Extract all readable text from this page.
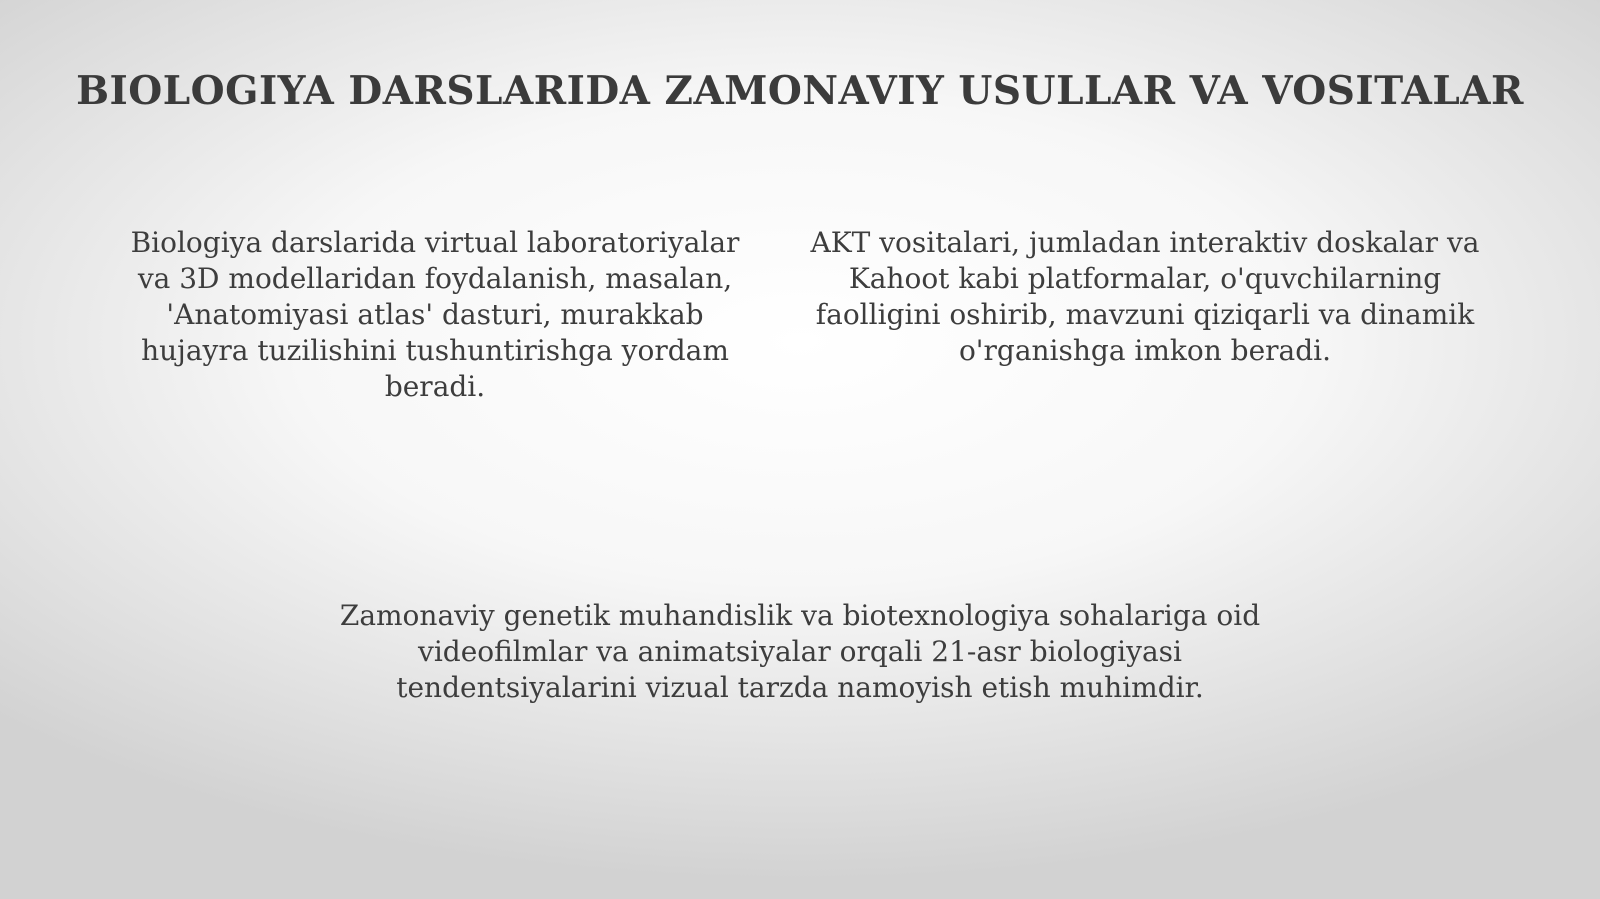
BIOLOGIYA DARSLARIDA ZAMONAVIY USULLAR VA VOSITALAR
Biologiya darslarida virtual laboratoriyalar va 3D modellaridan foydalanish, masalan, 'Anatomiyasi atlas' dasturi, murakkab hujayra tuzilishini tushuntirishga yordam beradi.
AKT vositalari, jumladan interaktiv doskalar va Kahoot kabi platformalar, o'quvchilarning faolligini oshirib, mavzuni qiziqarli va dinamik o'rganishga imkon beradi.
Zamonaviy genetik muhandislik va biotexnologiya sohalariga oid videofilmlar va animatsiyalar orqali 21-asr biologiyasi tendentsiyalarini vizual tarzda namoyish etish muhimdir.
